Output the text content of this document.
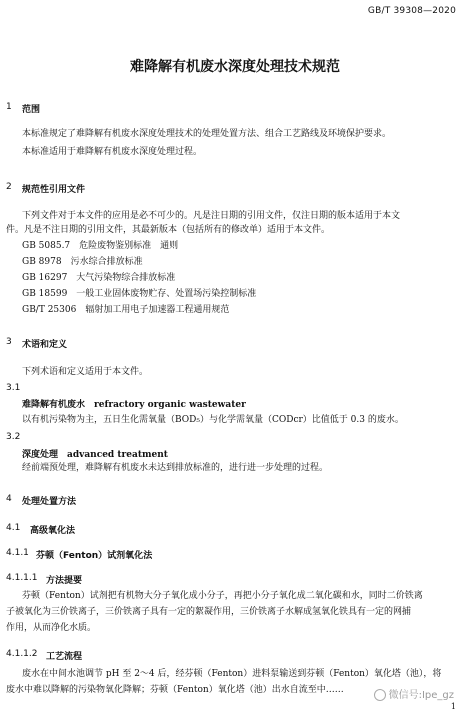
GB/T 39308—2020
难降解有机废水深度处理技术规范
1 范围
本标准规定了难降解有机废水深度处理技术的处理处置方法、组合工艺路线及环境保护要求。
本标准适用于难降解有机废水深度处理过程。
2 规范性引用文件
下列文件对于本文件的应用是必不可少的。凡是注日期的引用文件，仅注日期的版本适用于本文
件。凡是不注日期的引用文件，其最新版本（包括所有的修改单）适用于本文件。
GB 5085.7　危险废物鉴别标准　通则
GB 8978　污水综合排放标准
GB 16297　大气污染物综合排放标准
GB 18599　一般工业固体废物贮存、处置场污染控制标准
GB/T 25306　辐射加工用电子加速器工程通用规范
3 术语和定义
下列术语和定义适用于本文件。
3.1
难降解有机废水　refractory organic wastewater
以有机污染物为主，五日生化需氧量（BOD₅）与化学需氧量（CODcr）比值低于 0.3 的废水。
3.2
深度处理　advanced treatment
经前端预处理，难降解有机废水未达到排放标准的，进行进一步处理的过程。
4 处理处置方法
4.1 高级氧化法
4.1.1 芬顿（Fenton）试剂氧化法
4.1.1.1 方法提要
芬顿（Fenton）试剂把有机物大分子氧化成小分子，再把小分子氧化成二氧化碳和水，同时二价铁离
子被氧化为三价铁离子，三价铁离子具有一定的絮凝作用，三价铁离子水解成氢氧化铁具有一定的网捕
作用，从而净化水质。
4.1.1.2 工艺流程
废水在中间水池调节 pH 至 2～4 后，经芬顿（Fenton）进料泵输送到芬顿（Fenton）氧化塔（池），将
废水中难以降解的污染物氧化降解；芬顿（Fenton）氧化塔（池）出水自流至中……	微信号:Ipe_gz
1
